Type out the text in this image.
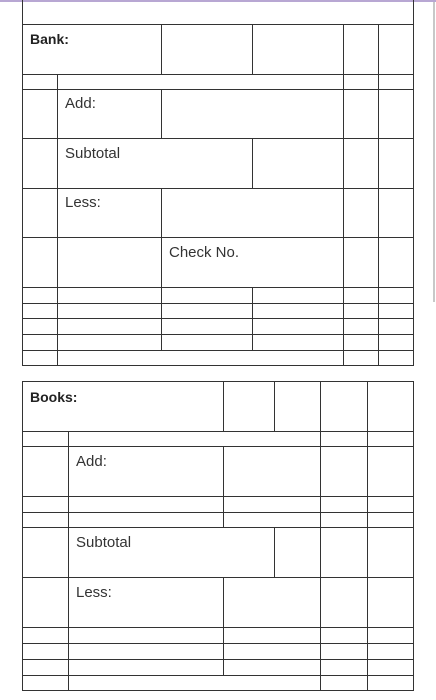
Bank:
Add:
Subtotal
Less:
Check No.
Books:
Add:
Subtotal
Less:
